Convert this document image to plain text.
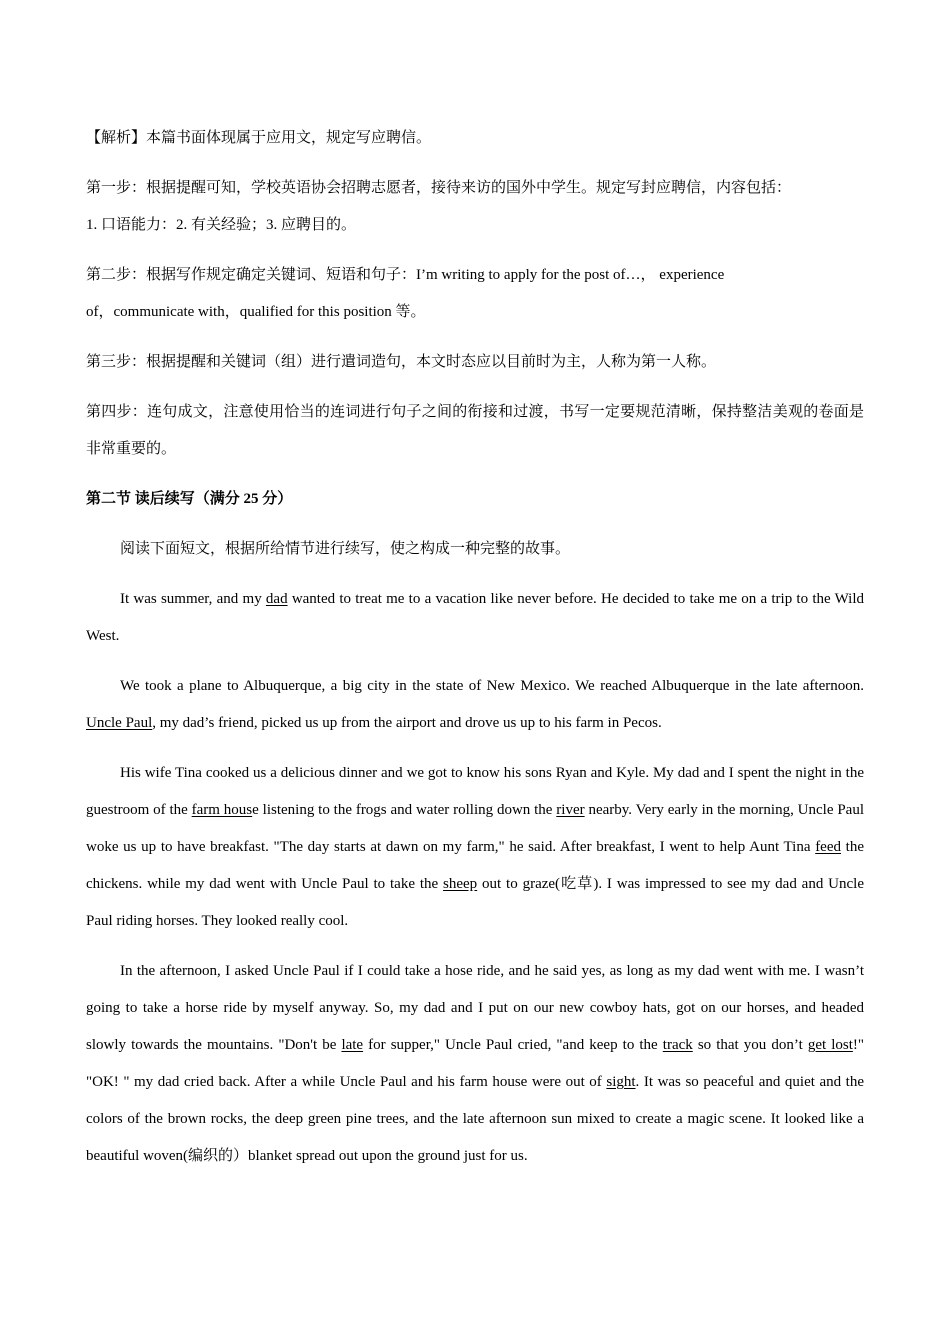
【解析】本篇书面体现属于应用文，规定写应聘信。

第一步：根据提醒可知，学校英语协会招聘志愿者，接待来访的国外中学生。规定写封应聘信，内容包括：
1. 口语能力：2. 有关经验；3. 应聘目的。

第二步：根据写作规定确定关键词、短语和句子：I’m writing to apply for the post of…， experience
of，communicate with，qualified for this position 等。

第三步：根据提醒和关键词（组）进行遣词造句，本文时态应以目前时为主，人称为第一人称。

第四步：连句成文，注意使用恰当的连词进行句子之间的衔接和过渡，书写一定要规范清晰，保持整洁美观的卷面是非常重要的。

第二节 读后续写（满分 25 分）

阅读下面短文，根据所给情节进行续写，使之构成一种完整的故事。

It was summer, and my dad wanted to treat me to a vacation like never before. He decided to take me on a trip to the Wild West.

We took a plane to Albuquerque, a big city in the state of New Mexico. We reached Albuquerque in the late afternoon. Uncle Paul, my dad’s friend, picked us up from the airport and drove us up to his farm in Pecos.

His wife Tina cooked us a delicious dinner and we got to know his sons Ryan and Kyle. My dad and I spent the night in the guestroom of the farm house listening to the frogs and water rolling down the river nearby. Very early in the morning, Uncle Paul woke us up to have breakfast. "The day starts at dawn on my farm," he said. After breakfast, I went to help Aunt Tina feed the chickens. while my dad went with Uncle Paul to take the sheep out to graze(吃草). I was impressed to see my dad and Uncle Paul riding horses. They looked really cool.

In the afternoon, I asked Uncle Paul if I could take a hose ride, and he said yes, as long as my dad went with me. I wasn’t going to take a horse ride by myself anyway. So, my dad and I put on our new cowboy hats, got on our horses, and headed slowly towards the mountains. "Don't be late for supper," Uncle Paul cried, "and keep to the track so that you don’t get lost!" "OK! " my dad cried back. After a while Uncle Paul and his farm house were out of sight. It was so peaceful and quiet and the colors of the brown rocks, the deep green pine trees, and the late afternoon sun mixed to create a magic scene. It looked like a beautiful woven(编织的）blanket spread out upon the ground just for us.
